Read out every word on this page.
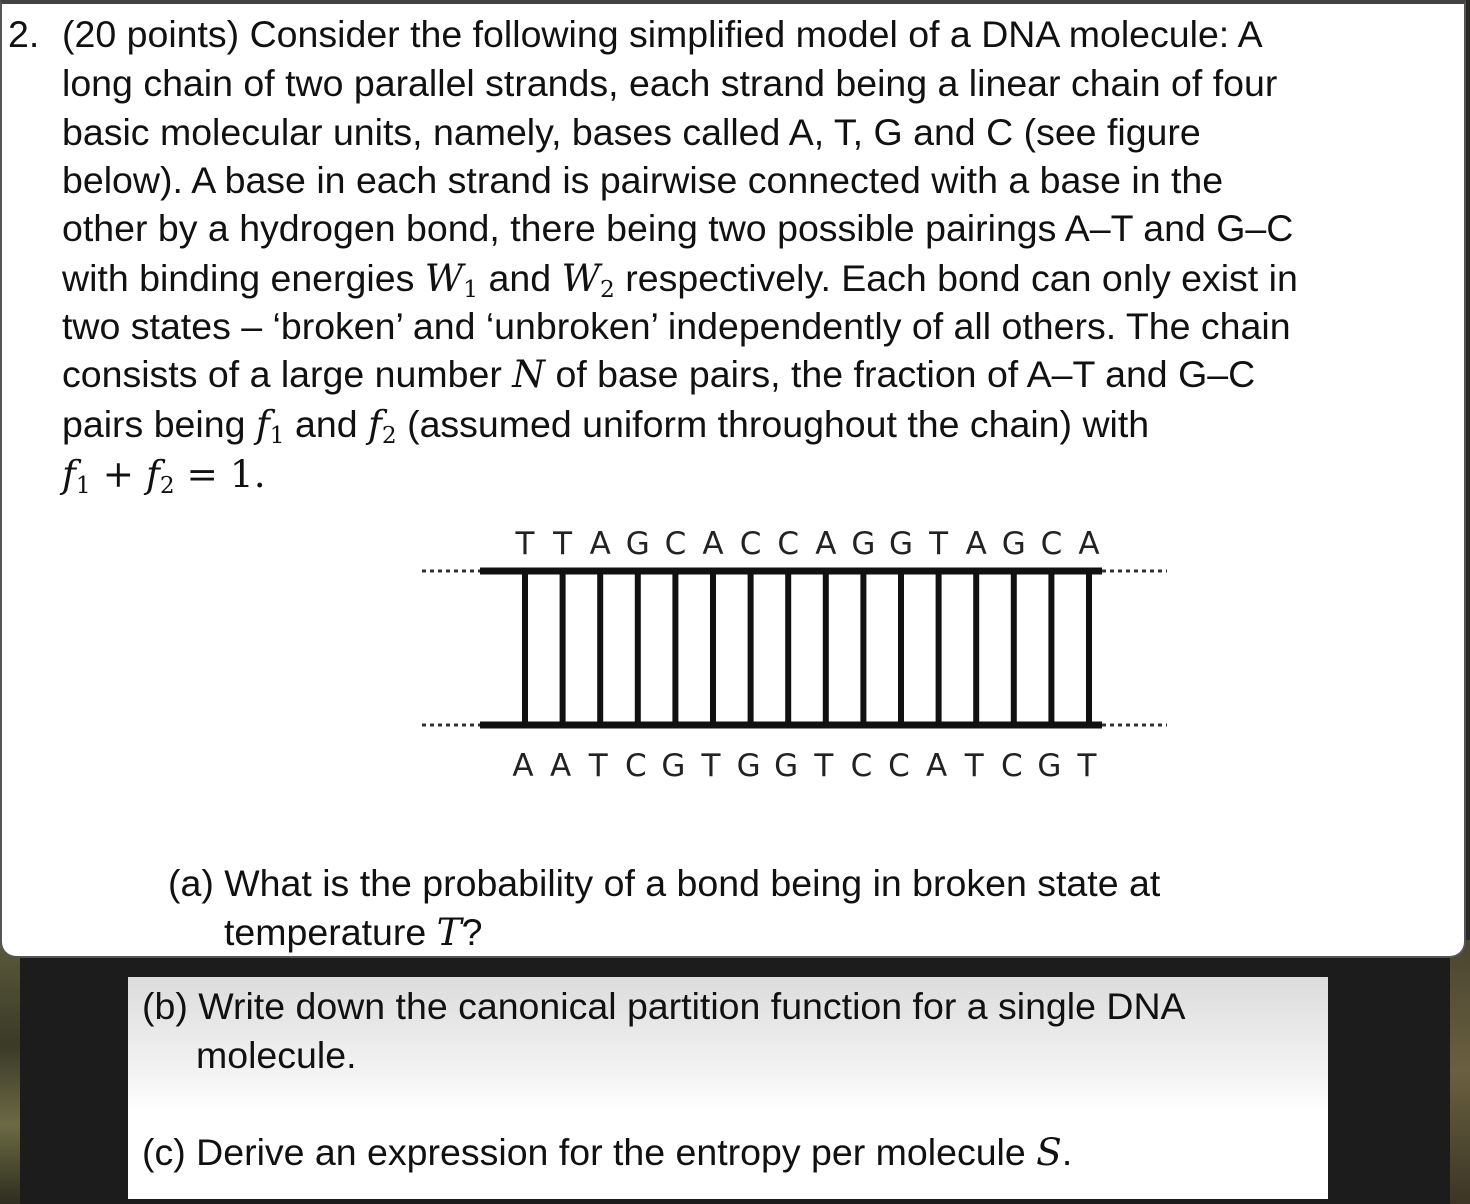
2. (20 points) Consider the following simplified model of a DNA molecule: A
long chain of two parallel strands, each strand being a linear chain of four
basic molecular units, namely, bases called A, T, G and C (see figure
below). A base in each strand is pairwise connected with a base in the
other by a hydrogen bond, there being two possible pairings A–T and G–C
with binding energies $W_1$ and $W_2$ respectively. Each bond can only exist in
two states – ‘broken’ and ‘unbroken’ independently of all others. The chain
consists of a large number N of base pairs, the fraction of A–T and G–C
pairs being $f_1$ and $f_2$ (assumed uniform throughout the chain) with
$f_1 + f_2 = 1$.
T T A G C A C C A G G T A G C A
A A T C G T G G T C C A T C G T
(a) What is the probability of a bond being in broken state at
temperature T?
(b) Write down the canonical partition function for a single DNA
molecule.
(c) Derive an expression for the entropy per molecule S.
